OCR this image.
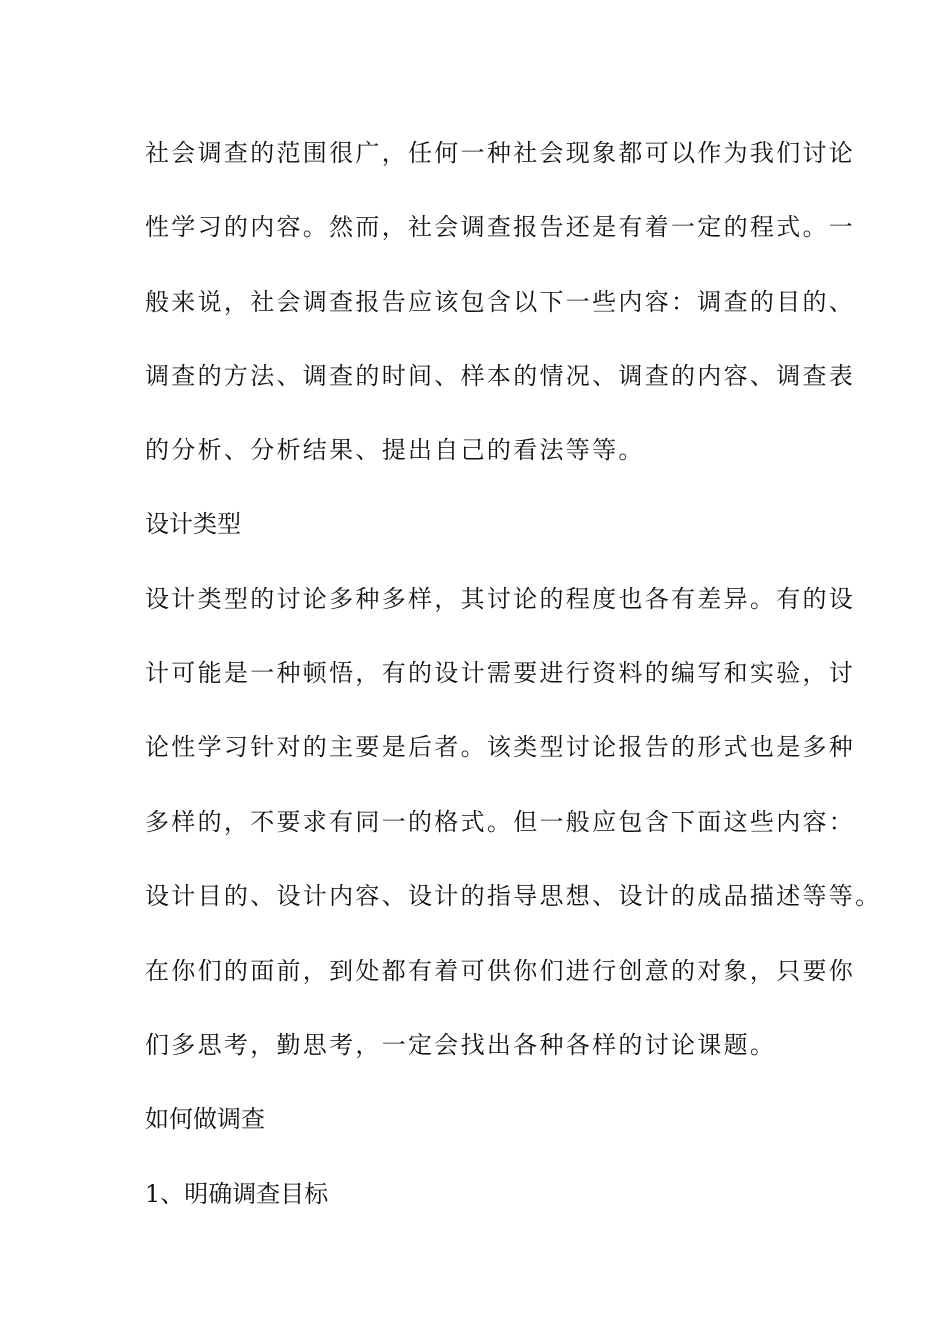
社会调查的范围很广，任何一种社会现象都可以作为我们讨论
性学习的内容。然而，社会调查报告还是有着一定的程式。一
般来说，社会调查报告应该包含以下一些内容：调查的目的、
调查的方法、调查的时间、样本的情况、调查的内容、调查表
的分析、分析结果、提出自己的看法等等。
设计类型
设计类型的讨论多种多样，其讨论的程度也各有差异。有的设
计可能是一种顿悟，有的设计需要进行资料的编写和实验，讨
论性学习针对的主要是后者。该类型讨论报告的形式也是多种
多样的，不要求有同一的格式。但一般应包含下面这些内容：
设计目的、设计内容、设计的指导思想、设计的成品描述等等。
在你们的面前，到处都有着可供你们进行创意的对象，只要你
们多思考，勤思考，一定会找出各种各样的讨论课题。
如何做调查
1、明确调查目标
